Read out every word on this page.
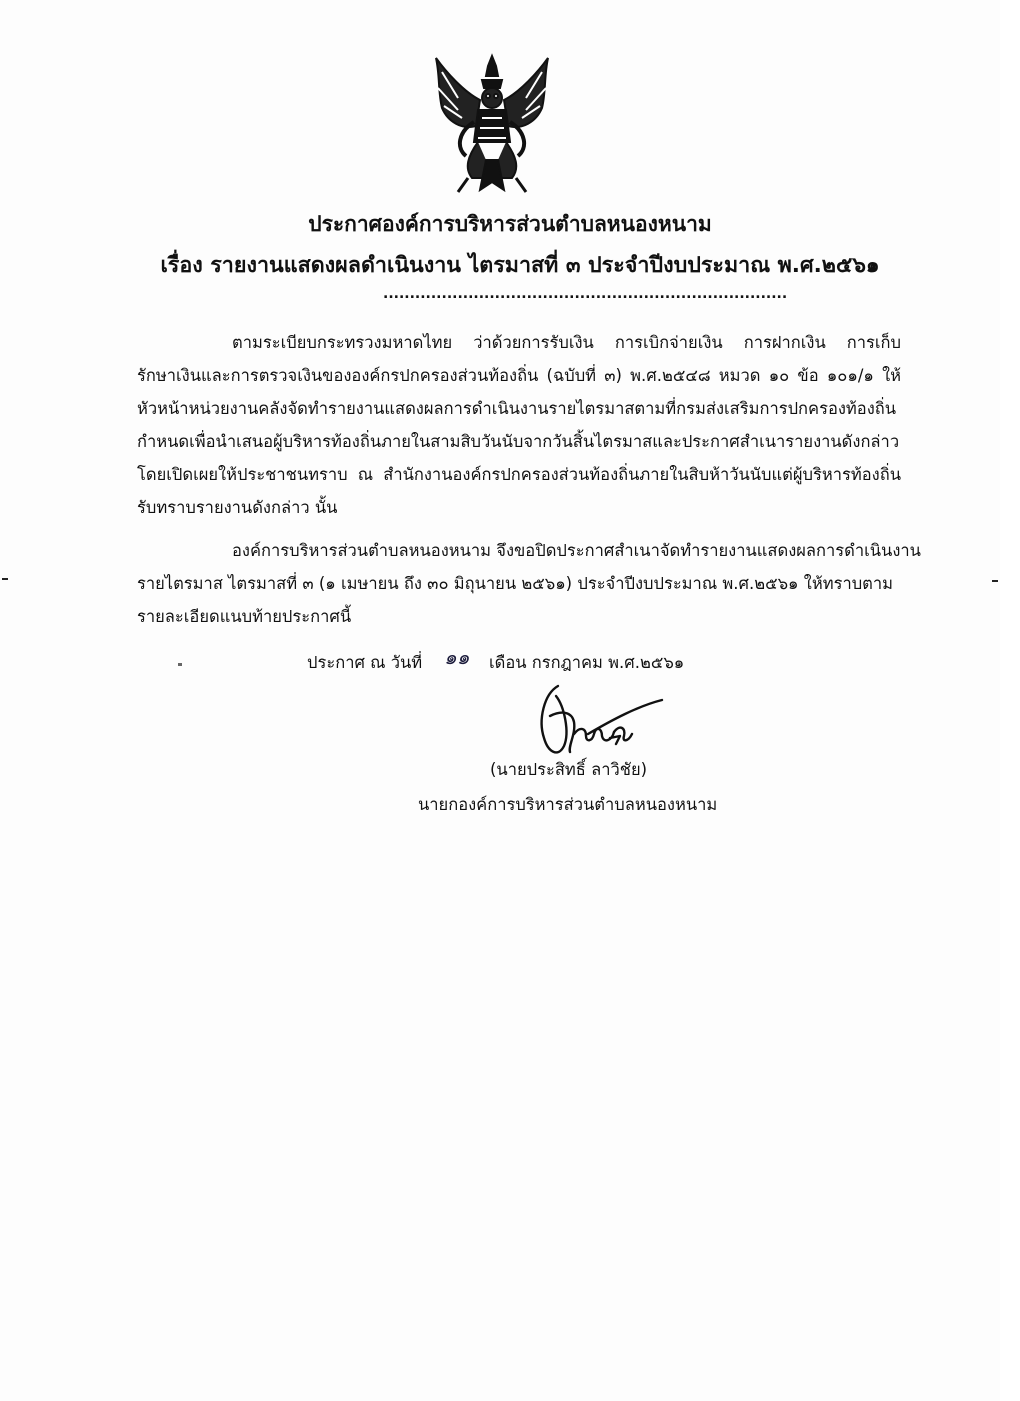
ประกาศองค์การบริหารส่วนตำบลหนองหนาม
เรื่อง รายงานแสดงผลดำเนินงาน ไตรมาสที่ ๓ ประจำปีงบประมาณ พ.ศ.๒๕๖๑
............................................................................
ตามระเบียบกระทรวงมหาดไทย ว่าด้วยการรับเงิน การเบิกจ่ายเงิน การฝากเงิน การเก็บ
รักษาเงินและการตรวจเงินขององค์กรปกครองส่วนท้องถิ่น (ฉบับที่ ๓) พ.ศ.๒๕๔๘ หมวด ๑๐ ข้อ ๑๐๑/๑ ให้
หัวหน้าหน่วยงานคลังจัดทำรายงานแสดงผลการดำเนินงานรายไตรมาสตามที่กรมส่งเสริมการปกครองท้องถิ่น
กำหนดเพื่อนำเสนอผู้บริหารท้องถิ่นภายในสามสิบวันนับจากวันสิ้นไตรมาสและประกาศสำเนารายงานดังกล่าว
โดยเปิดเผยให้ประชาชนทราบ ณ สำนักงานองค์กรปกครองส่วนท้องถิ่นภายในสิบห้าวันนับแต่ผู้บริหารท้องถิ่น
รับทราบรายงานดังกล่าว นั้น
องค์การบริหารส่วนตำบลหนองหนาม จึงขอปิดประกาศสำเนาจัดทำรายงานแสดงผลการดำเนินงาน
รายไตรมาส ไตรมาสที่ ๓ (๑ เมษายน ถึง ๓๐ มิถุนายน ๒๕๖๑) ประจำปีงบประมาณ พ.ศ.๒๕๖๑ ให้ทราบตาม
รายละเอียดแนบท้ายประกาศนี้
ประกาศ ณ วันที่ ๑๑ เดือน กรกฎาคม พ.ศ.๒๕๖๑
(นายประสิทธิ์ ลาวิชัย)
นายกองค์การบริหารส่วนตำบลหนองหนาม
